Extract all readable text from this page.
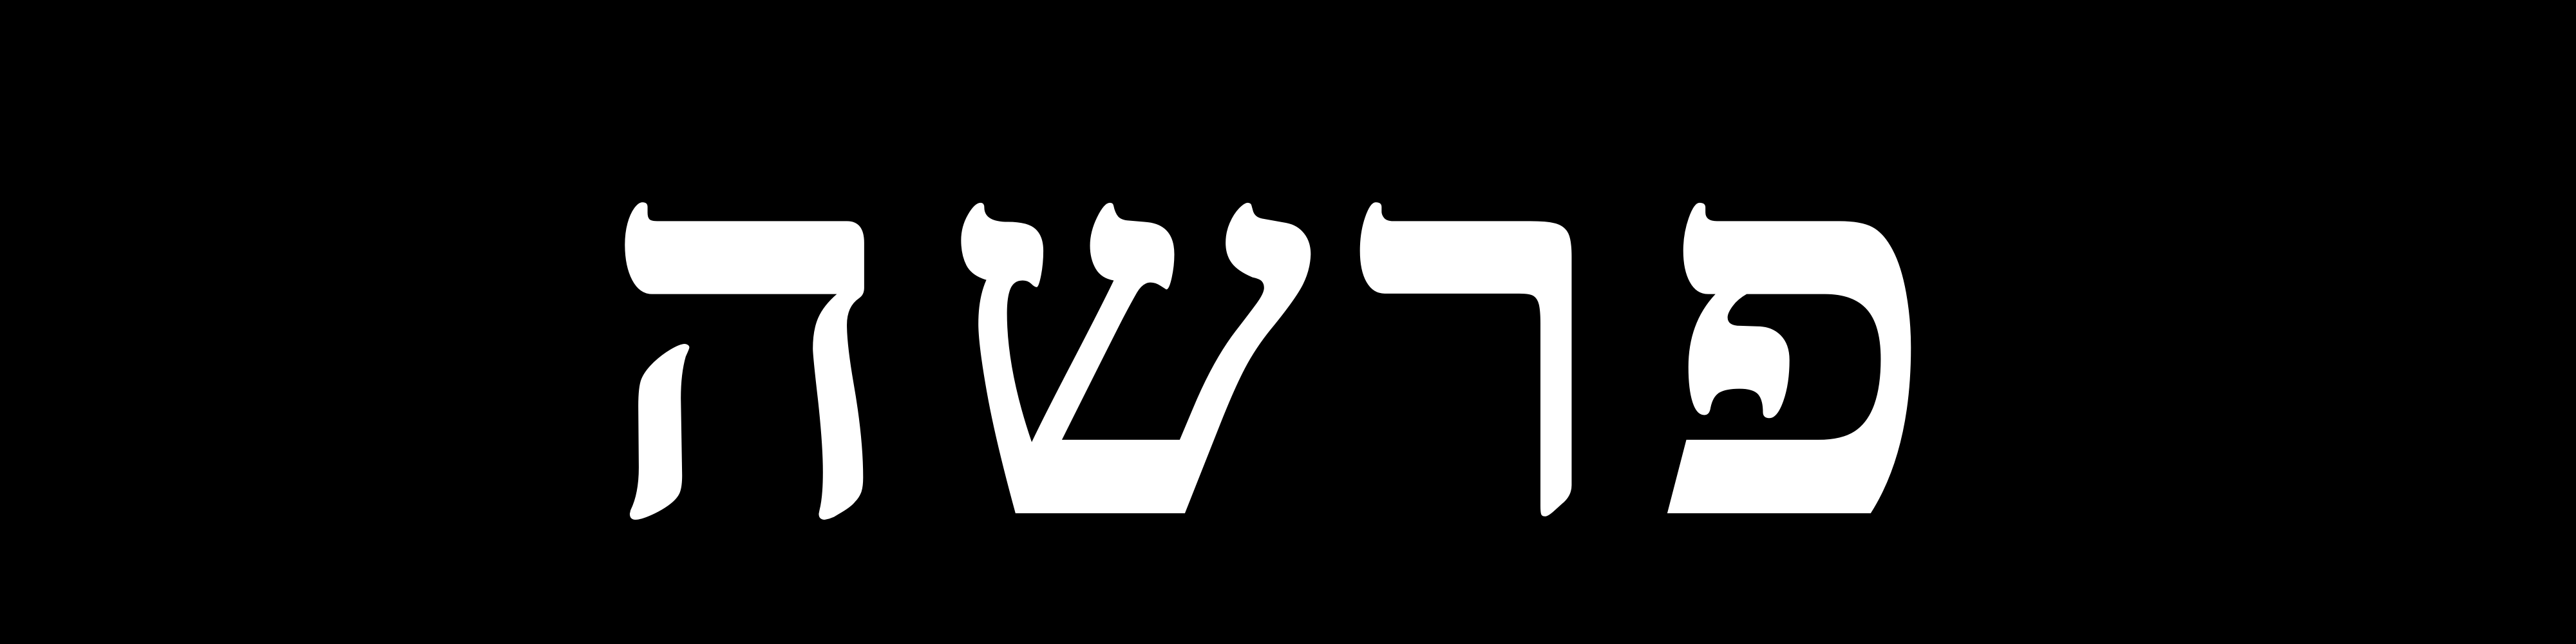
פרשה
